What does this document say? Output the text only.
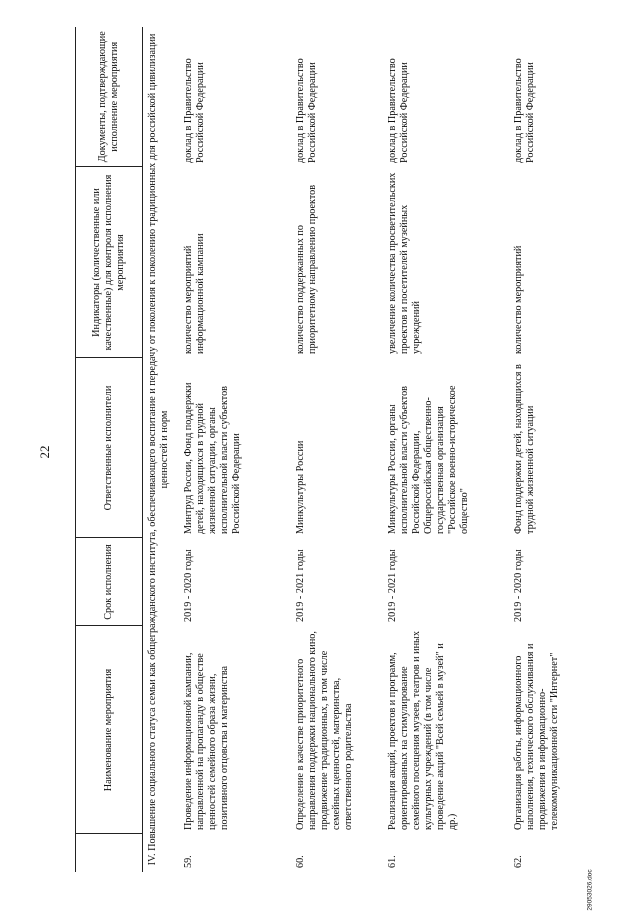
22
	Наименование мероприятия	Срок исполнения	Ответственные исполнители	Индикаторы (количественные или качественные) для контроля исполнения мероприятия	Документы, подтверждающие исполнение мероприятия

IV. Повышение социального статуса семьи как общегражданского института, обеспечивающего воспитание и передачу от поколения к поколению традиционных для российской цивилизации ценностей и норм					

59.	Проведение информационной кампании, направленной на пропаганду в обществе ценностей семейного образа жизни, позитивного отцовства и материнства	2019 - 2020 годы	Минтруд России, Фонд поддержки детей, находящихся в трудной жизненной ситуации, органы исполнительной власти субъектов Российской Федерации	количество мероприятий информационной кампании	доклад в Правительство Российской Федерации
60.	Определение в качестве приоритетного направления поддержки национального кино, продвижение традиционных, в том числе семейных ценностей, материнства, ответственного родительства	2019 - 2021 годы	Минкультуры России	количество поддержанных по приоритетному направлению проектов	доклад в Правительство Российской Федерации
61.	Реализация акций, проектов и программ, ориентированных на стимулирование семейного посещения музеев, театров и иных культурных учреждений (в том числе проведение акций "Всей семьей в музей" и др.)	2019 - 2021 годы	Минкультуры России, органы исполнительной власти субъектов Российской Федерации, Общероссийская общественно-государственная организация "Российское военно-историческое общество"	увеличение количества просветительских проектов и посетителей музейных учреждений	доклад в Правительство Российской Федерации
62.	Организация работы, информационного наполнения, технического обслуживания и продвижения в информационно-телекоммуникационной сети "Интернет"	2019 - 2020 годы	Фонд поддержки детей, находящихся в трудной жизненной ситуации	количество мероприятий	доклад в Правительство Российской Федерации
29053026.doc
